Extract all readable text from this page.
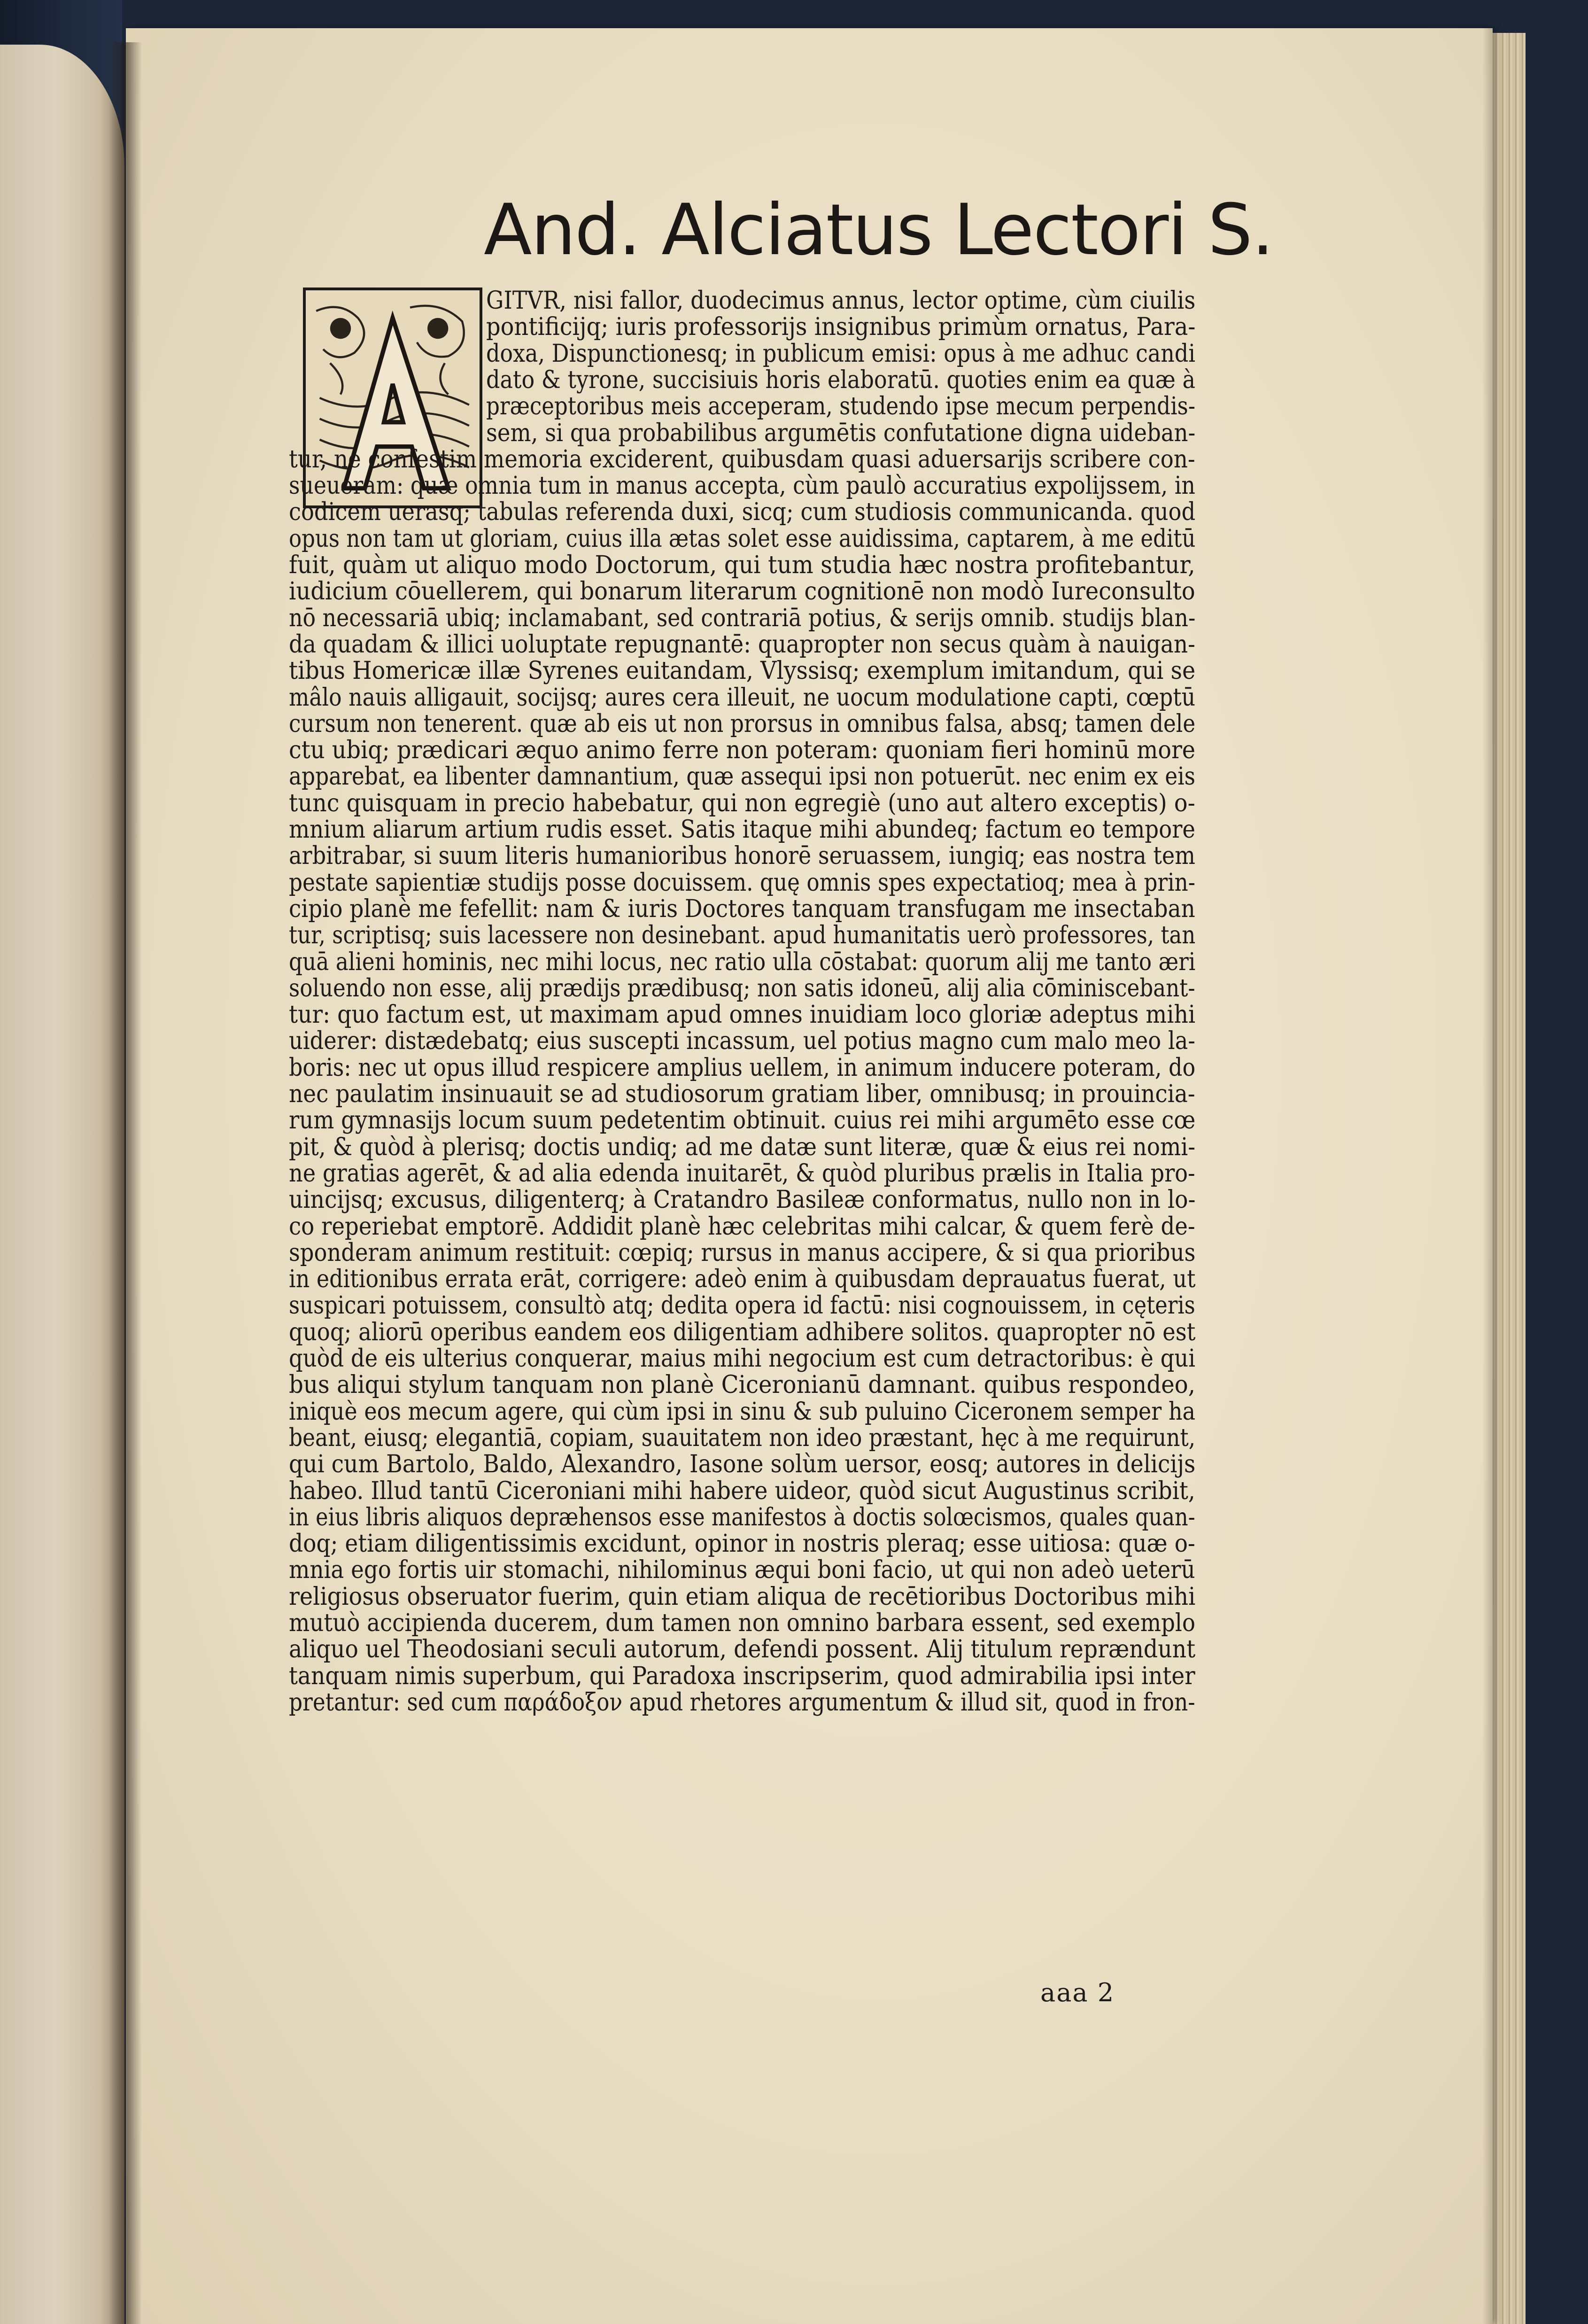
And. Alciatus Lectori S.
GITVR, nisi fallor, duodecimus annus, lector optime, cùm ciuilis
pontificijq; iuris professorijs insignibus primùm ornatus, Para-
doxa, Dispunctionesq; in publicum emisi: opus à me adhuc candi
dato & tyrone, succisiuis horis elaboratū. quoties enim ea quæ à
præceptoribus meis acceperam, studendo ipse mecum perpendis-
sem, si qua probabilibus argumētis confutatione digna uideban-
tur, ne confestim memoria exciderent, quibusdam quasi aduersarijs scribere con-
sueueram: quæ omnia tum in manus accepta, cùm paulò accuratius expolijssem, in
codicem uerasq; tabulas referenda duxi, sicq; cum studiosis communicanda. quod
opus non tam ut gloriam, cuius illa ætas solet esse auidissima, captarem, à me editū
fuit, quàm ut aliquo modo Doctorum, qui tum studia hæc nostra profitebantur,
iudicium cōuellerem, qui bonarum literarum cognitionē non modò Iureconsulto
nō necessariā ubiq; inclamabant, sed contrariā potius, & serijs omnib. studijs blan-
da quadam & illici uoluptate repugnantē: quapropter non secus quàm à nauigan-
tibus Homericæ illæ Syrenes euitandam, Vlyssisq; exemplum imitandum, qui se
mâlo nauis alligauit, socijsq; aures cera illeuit, ne uocum modulatione capti, cœptū
cursum non tenerent. quæ ab eis ut non prorsus in omnibus falsa, absq; tamen dele
ctu ubiq; prædicari æquo animo ferre non poteram: quoniam fieri hominū more
apparebat, ea libenter damnantium, quæ assequi ipsi non potuerūt. nec enim ex eis
tunc quisquam in precio habebatur, qui non egregiè (uno aut altero exceptis) o-
mnium aliarum artium rudis esset. Satis itaque mihi abundeq; factum eo tempore
arbitrabar, si suum literis humanioribus honorē seruassem, iungiq; eas nostra tem
pestate sapientiæ studijs posse docuissem. quę omnis spes expectatioq; mea à prin-
cipio planè me fefellit: nam & iuris Doctores tanquam transfugam me insectaban
tur, scriptisq; suis lacessere non desinebant. apud humanitatis uerò professores, tan
quā alieni hominis, nec mihi locus, nec ratio ulla cōstabat: quorum alij me tanto æri
soluendo non esse, alij prædijs prædibusq; non satis idoneū, alij alia cōminiscebant-
tur: quo factum est, ut maximam apud omnes inuidiam loco gloriæ adeptus mihi
uiderer: distædebatq; eius suscepti incassum, uel potius magno cum malo meo la-
boris: nec ut opus illud respicere amplius uellem, in animum inducere poteram, do
nec paulatim insinuauit se ad studiosorum gratiam liber, omnibusq; in prouincia-
rum gymnasijs locum suum pedetentim obtinuit. cuius rei mihi argumēto esse cœ
pit, & quòd à plerisq; doctis undiq; ad me datæ sunt literæ, quæ & eius rei nomi-
ne gratias agerēt, & ad alia edenda inuitarēt, & quòd pluribus prælis in Italia pro-
uincijsq; excusus, diligenterq; à Cratandro Basileæ conformatus, nullo non in lo-
co reperiebat emptorē. Addidit planè hæc celebritas mihi calcar, & quem ferè de-
sponderam animum restituit: cœpiq; rursus in manus accipere, & si qua prioribus
in editionibus errata erāt, corrigere: adeò enim à quibusdam deprauatus fuerat, ut
suspicari potuissem, consultò atq; dedita opera id factū: nisi cognouissem, in cęteris
quoq; aliorū operibus eandem eos diligentiam adhibere solitos. quapropter nō est
quòd de eis ulterius conquerar, maius mihi negocium est cum detractoribus: è qui
bus aliqui stylum tanquam non planè Ciceronianū damnant. quibus respondeo,
iniquè eos mecum agere, qui cùm ipsi in sinu & sub puluino Ciceronem semper ha
beant, eiusq; elegantiā, copiam, suauitatem non ideo præstant, hęc à me requirunt,
qui cum Bartolo, Baldo, Alexandro, Iasone solùm uersor, eosq; autores in delicijs
habeo. Illud tantū Ciceroniani mihi habere uideor, quòd sicut Augustinus scribit,
in eius libris aliquos depræhensos esse manifestos à doctis solœcismos, quales quan-
doq; etiam diligentissimis excidunt, opinor in nostris pleraq; esse uitiosa: quæ o-
mnia ego fortis uir stomachi, nihilominus æqui boni facio, ut qui non adeò ueterū
religiosus obseruator fuerim, quin etiam aliqua de recētioribus Doctoribus mihi
mutuò accipienda ducerem, dum tamen non omnino barbara essent, sed exemplo
aliquo uel Theodosiani seculi autorum, defendi possent. Alij titulum reprændunt
tanquam nimis superbum, qui Paradoxa inscripserim, quod admirabilia ipsi inter
pretantur: sed cum παράδοξον apud rhetores argumentum & illud sit, quod in fron-
aaa 2
